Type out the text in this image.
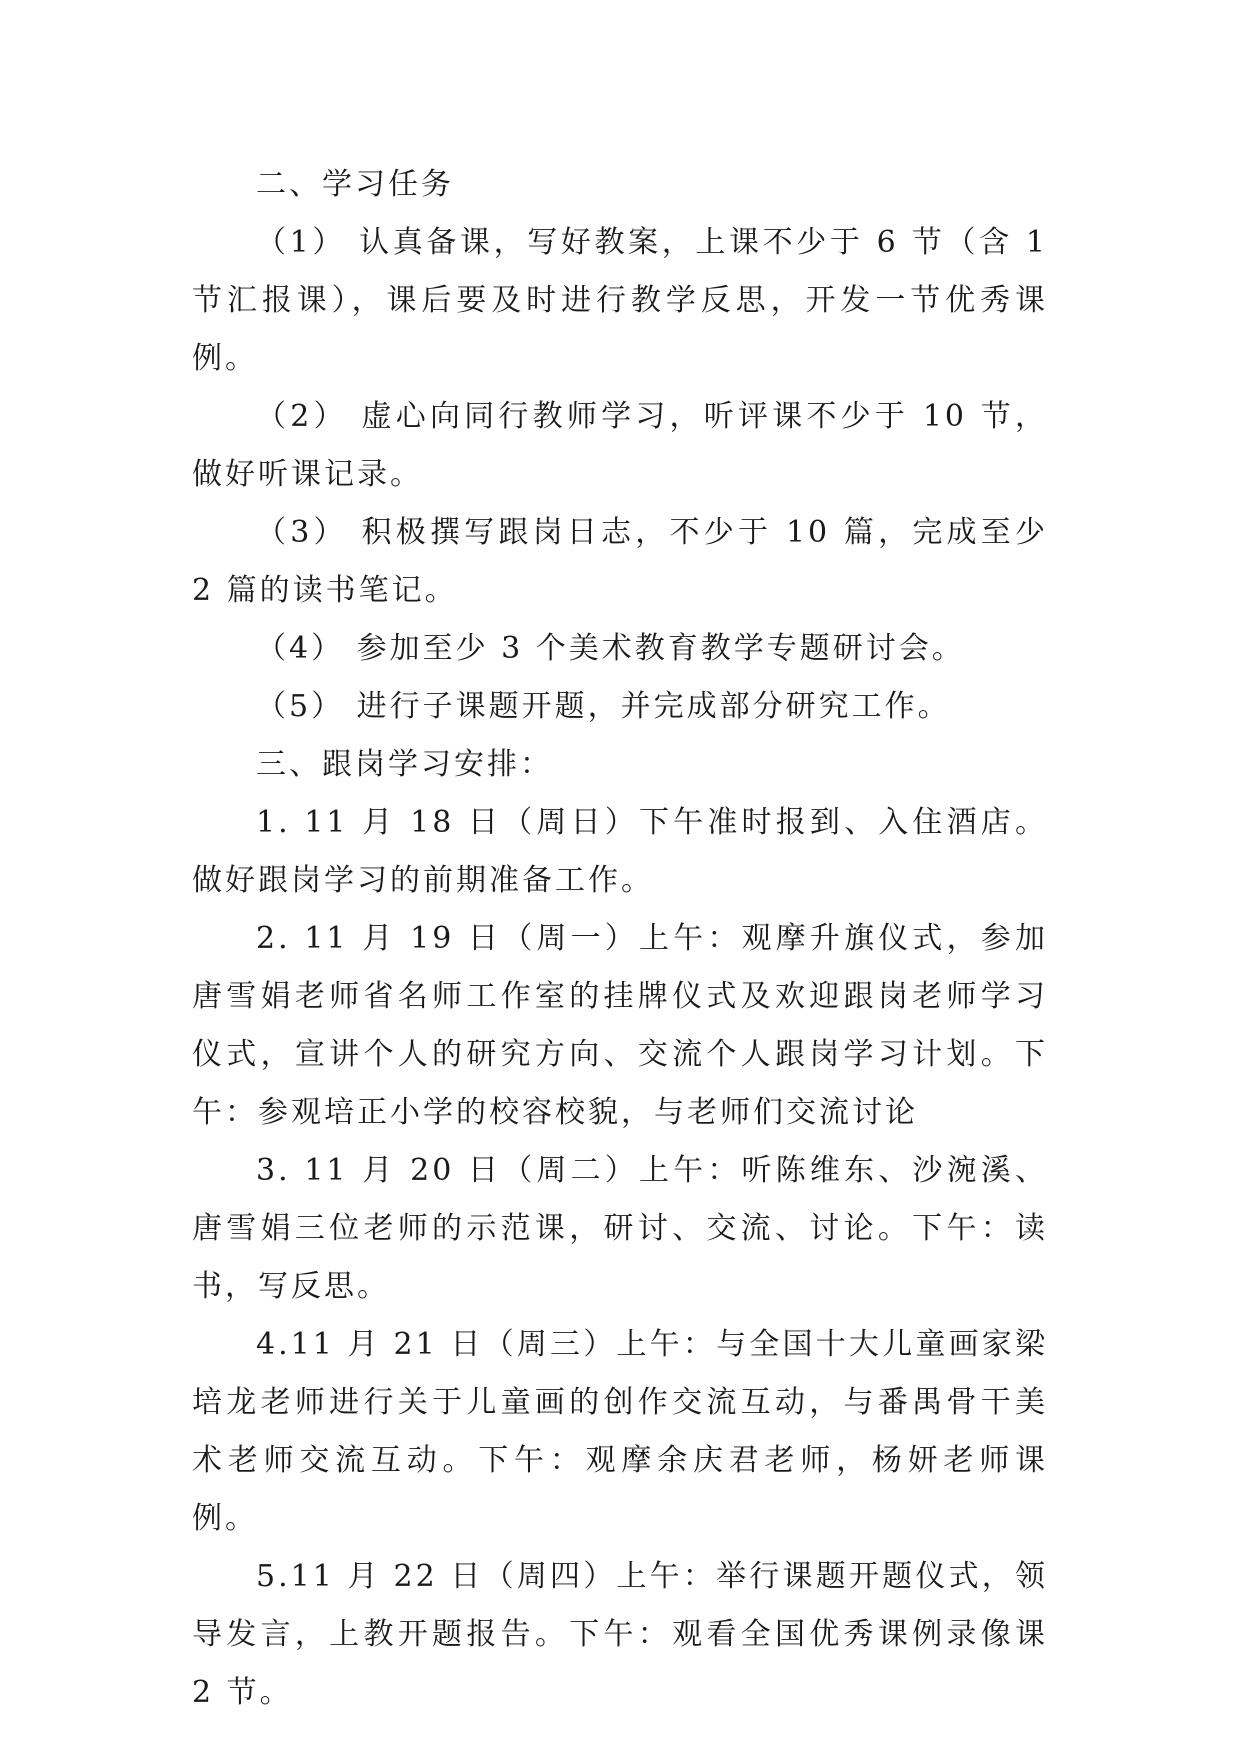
二、学习任务

（1） 认真备课，写好教案，上课不少于 6 节（含 1 节汇报课），课后要及时进行教学反思，开发一节优秀课例。

（2） 虚心向同行教师学习，听评课不少于 10 节，做好听课记录。

（3） 积极撰写跟岗日志，不少于 10 篇，完成至少 2 篇的读书笔记。

（4） 参加至少 3 个美术教育教学专题研讨会。

（5） 进行子课题开题，并完成部分研究工作。

三、跟岗学习安排：

1. 11 月 18 日（周日）下午准时报到、入住酒店。做好跟岗学习的前期准备工作。

2. 11 月 19 日（周一）上午：观摩升旗仪式，参加唐雪娟老师省名师工作室的挂牌仪式及欢迎跟岗老师学习仪式，宣讲个人的研究方向、交流个人跟岗学习计划。下午：参观培正小学的校容校貌，与老师们交流讨论

3. 11 月 20 日（周二）上午：听陈维东、沙涴溪、唐雪娟三位老师的示范课，研讨、交流、讨论。下午：读书，写反思。

4.11 月 21 日（周三）上午：与全国十大儿童画家梁培龙老师进行关于儿童画的创作交流互动，与番禺骨干美术老师交流互动。下午：观摩余庆君老师，杨妍老师课例。

5.11 月 22 日（周四）上午：举行课题开题仪式，领导发言，上教开题报告。下午：观看全国优秀课例录像课 2 节。
